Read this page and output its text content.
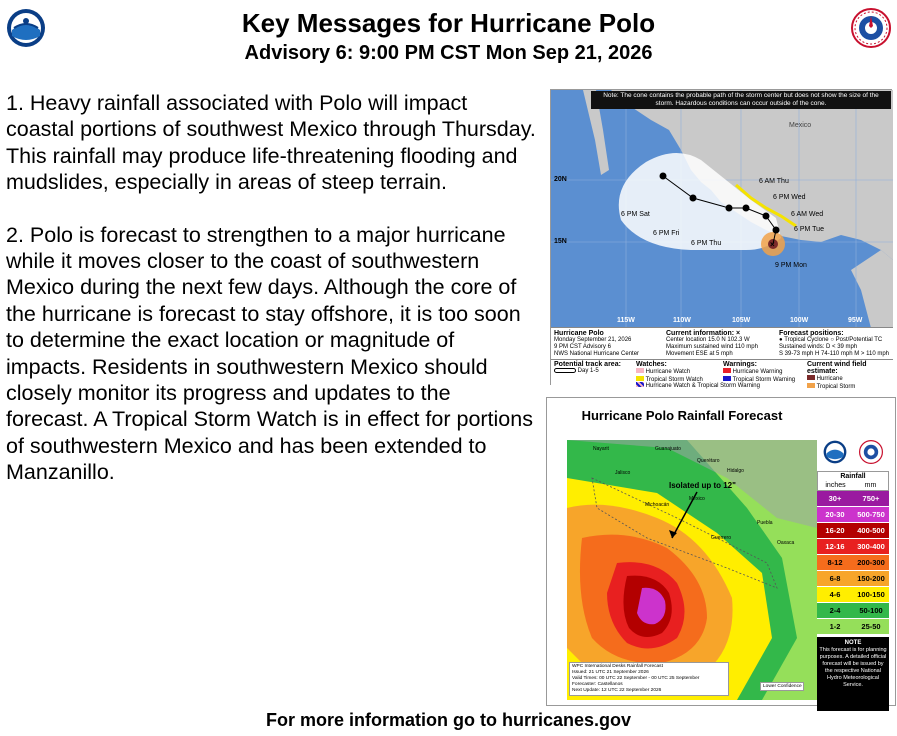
Key Messages for Hurricane Polo
Advisory 6: 9:00 PM CST Mon Sep 21, 2026

1. Heavy rainfall associated with Polo will impact coastal portions of southwest Mexico through Thursday. This rainfall may produce life-threatening flooding and mudslides, especially in areas of steep terrain.

2. Polo is forecast to strengthen to a major hurricane while it moves closer to the coast of southwestern Mexico during the next few days. Although the core of the hurricane is forecast to stay offshore, it is too soon to determine the exact location or magnitude of impacts. Residents in southwestern Mexico should closely monitor its progress and updates to the forecast. A Tropical Storm Watch is in effect for portions of southwestern Mexico and has been extended to Manzanillo.

×
Note: The cone contains the probable path of the storm center but does not show the size of the storm. Hazardous conditions can occur outside of the cone.
Mexico
20N
15N
115W	110W	105W	100W	95W
6 AM Thu
6 PM Wed
6 AM Wed
6 PM Tue
6 PM Sat
6 PM Fri
6 PM Thu
9 PM Mon
Hurricane Polo
Monday September 21, 2026
9 PM CST Advisory 6
NWS National Hurricane Center
Current information: ×
Center location 15.0 N 102.3 W
Maximum sustained wind 110 mph
Movement ESE at 5 mph
Forecast positions:
● Tropical Cyclone ○ Post/Potential TC
Sustained winds: D < 39 mph
S 39-73 mph H 74-110 mph M > 110 mph
Potential track area:
Day 1-5
Watches:
Hurricane Watch
Tropical Storm Watch
Hurricane Watch & Tropical Storm Warning
Warnings:
Hurricane Warning
Tropical Storm Warning
Current wind field estimate:
Hurricane
Tropical Storm
Hurricane Polo Rainfall Forecast
Isolated up to 12"
Nayarit
Jalisco
Michoacán
Guerrero
Oaxaca
Guanajuato
Querétaro
Hidalgo
Puebla
México
Rainfall
inches	mm
30+	750+
20-30	500-750
16-20	400-500
12-16	300-400
8-12	200-300
6-8	150-200
4-6	100-150
2-4	50-100
1-2	25-50
NOTE
This forecast is for planning purposes. A detailed official forecast will be issued by the respective National Hydro Meteorological Service.
WPC International Desks Rainfall Forecast
Issued: 21 UTC 21 September 2026
Valid Times: 00 UTC 22 September - 00 UTC 25 September
Forecaster: Castellanos
Next Update: 12 UTC 22 September 2026
Lower Confidence
For more information go to hurricanes.gov
